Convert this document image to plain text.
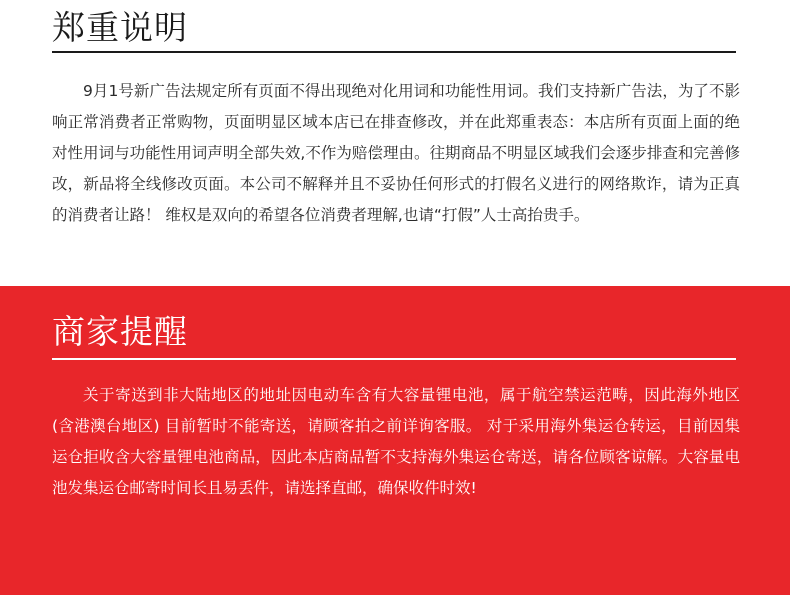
郑重说明

9月1号新广告法规定所有页面不得出现绝对化用词和功能性用词。我们支持新广告法，为了不影响正常消费者正常购物，页面明显区域本店已在排查修改，并在此郑重表态：本店所有页面上面的绝对性用词与功能性用词声明全部失效,不作为赔偿理由。往期商品不明显区域我们会逐步排查和完善修改，新品将全线修改页面。本公司不解释并且不妥协任何形式的打假名义进行的网络欺诈，请为正真的消费者让路！ 维权是双向的希望各位消费者理解,也请“打假”人士高抬贵手。

商家提醒

关于寄送到非大陆地区的地址因电动车含有大容量锂电池，属于航空禁运范畴，因此海外地区(含港澳台地区) 目前暂时不能寄送，请顾客拍之前详询客服。 对于采用海外集运仓转运，目前因集运仓拒收含大容量锂电池商品，因此本店商品暂不支持海外集运仓寄送，请各位顾客谅解。大容量电池发集运仓邮寄时间长且易丢件，请选择直邮，确保收件时效!
